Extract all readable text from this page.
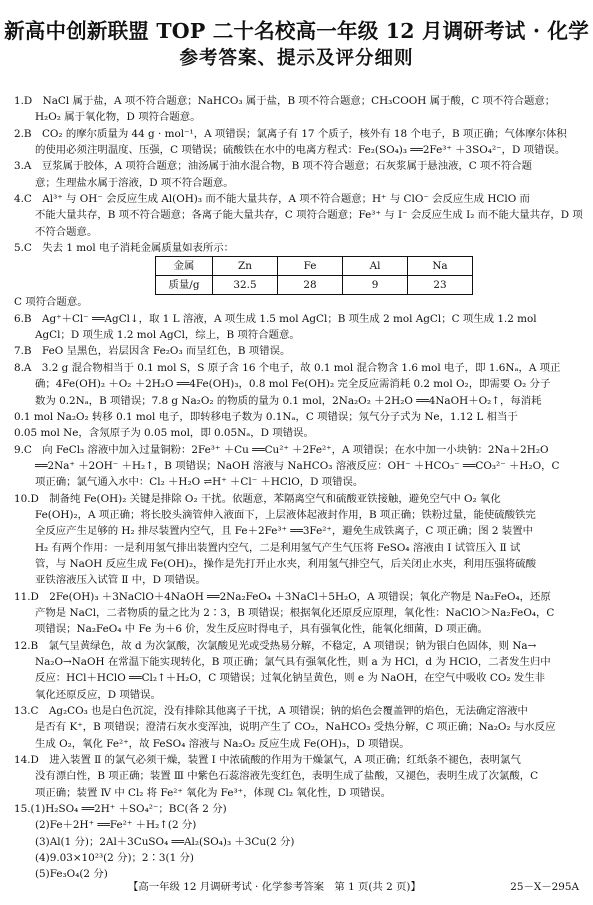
新高中创新联盟 TOP 二十名校高一年级 12 月调研考试 · 化学
参考答案、提示及评分细则
1.D　NaCl 属于盐，A 项不符合题意；NaHCO₃ 属于盐，B 项不符合题意；CH₃COOH 属于酸，C 项不符合题意；
H₂O₂ 属于氧化物，D 项符合题意。
2.B　CO₂ 的摩尔质量为 44 g · mol⁻¹，A 项错误；氯离子有 17 个质子，核外有 18 个电子，B 项正确；气体摩尔体积
的使用必须注明温度、压强，C 项错误；硫酸铁在水中的电离方程式：Fe₂(SO₄)₃ ══2Fe³⁺ ＋3SO₄²⁻，D 项错误。
3.A　豆浆属于胶体，A 项符合题意；油汤属于油水混合物，B 项不符合题意；石灰浆属于悬浊液，C 项不符合题
意；生理盐水属于溶液，D 项不符合题意。
4.C　Al³⁺ 与 OH⁻ 会反应生成 Al(OH)₃ 而不能大量共存，A 项不符合题意；H⁺ 与 ClO⁻ 会反应生成 HClO 而
不能大量共存，B 项不符合题意；各离子能大量共存，C 项符合题意；Fe³⁺ 与 I⁻ 会反应生成 I₂ 而不能大量共存，D 项
不符合题意。
5.C　失去 1 mol 电子消耗金属质量如表所示：
金属	Zn	Fe	Al	Na
质量/g	32.5	28	9	23
C 项符合题意。
6.B　Ag⁺＋Cl⁻ ══AgCl↓，取 1 L 溶液，A 项生成 1.5 mol AgCl；B 项生成 2 mol AgCl；C 项生成 1.2 mol
AgCl；D 项生成 1.2 mol AgCl，综上，B 项符合题意。
7.B　FeO 呈黑色，岩层因含 Fe₂O₃ 而呈红色，B 项错误。
8.A　3.2 g 混合物相当于 0.1 mol S，S 原子含 16 个电子，故 0.1 mol 混合物含 1.6 mol 电子，即 1.6Nₐ，A 项正
确；4Fe(OH)₂ ＋O₂ ＋2H₂O ══4Fe(OH)₃，0.8 mol Fe(OH)₂ 完全反应需消耗 0.2 mol O₂，即需要 O₂ 分子
数为 0.2Nₐ，B 项错误；7.8 g Na₂O₂ 的物质的量为 0.1 mol，2Na₂O₂ ＋2H₂O ══4NaOH＋O₂↑，每消耗
0.1 mol Na₂O₂ 转移 0.1 mol 电子，即转移电子数为 0.1Nₐ，C 项错误；氖气分子式为 Ne，1.12 L 相当于
0.05 mol Ne，含氖原子为 0.05 mol，即 0.05Nₐ，D 项错误。
9.C　向 FeCl₃ 溶液中加入过量铜粉：2Fe³⁺ ＋Cu ══Cu²⁺ ＋2Fe²⁺，A 项错误；在水中加一小块钠：2Na＋2H₂O
══2Na⁺ ＋2OH⁻ ＋H₂↑，B 项错误；NaOH 溶液与 NaHCO₃ 溶液反应：OH⁻ ＋HCO₃⁻ ══CO₃²⁻ ＋H₂O，C
项正确；氯气通入水中：Cl₂ ＋H₂O ⇌H⁺ ＋Cl⁻ ＋HClO，D 项错误。
10.D　制备纯 Fe(OH)₂ 关键是排除 O₂ 干扰。依题意，苯隔离空气和硫酸亚铁接触，避免空气中 O₂ 氧化
Fe(OH)₂，A 项正确；将长胶头滴管伸入液面下，上层液体起液封作用，B 项正确；铁粉过量，能使硫酸铁完
全反应产生足够的 H₂ 排尽装置内空气，且 Fe＋2Fe³⁺ ══3Fe²⁺，避免生成铁离子，C 项正确；图 2 装置中
H₂ 有两个作用：一是利用氢气排出装置内空气，二是利用氢气产生气压将 FeSO₄ 溶液由 Ⅰ 试管压入 Ⅱ 试
管，与 NaOH 反应生成 Fe(OH)₂，操作是先打开止水夹，利用氢气排空气，后关闭止水夹，利用压强将硫酸
亚铁溶液压入试管 Ⅱ 中，D 项错误。
11.D　2Fe(OH)₃ ＋3NaClO＋4NaOH ══2Na₂FeO₄ ＋3NaCl＋5H₂O，A 项错误；氧化产物是 Na₂FeO₄，还原
产物是 NaCl，二者物质的量之比为 2∶3，B 项错误；根据氧化还原反应原理，氧化性：NaClO＞Na₂FeO₄，C
项错误；Na₂FeO₄ 中 Fe 为＋6 价，发生反应时得电子，具有强氧化性，能氧化细菌，D 项正确。
12.B　氯气呈黄绿色，故 d 为次氯酸，次氯酸见光或受热易分解，不稳定，A 项错误；钠为银白色固体，则 Na→
Na₂O→NaOH 在常温下能实现转化，B 项正确；氯气具有强氧化性，则 a 为 HCl，d 为 HClO，二者发生归中
反应：HCl＋HClO ══Cl₂↑＋H₂O，C 项错误；过氧化钠呈黄色，则 e 为 NaOH，在空气中吸收 CO₂ 发生非
氧化还原反应，D 项错误。
13.C　Ag₂CO₃ 也是白色沉淀，没有排除其他离子干扰，A 项错误；钠的焰色会覆盖钾的焰色，无法确定溶液中
是否有 K⁺，B 项错误；澄清石灰水变浑浊，说明产生了 CO₂，NaHCO₃ 受热分解，C 项正确；Na₂O₂ 与水反应
生成 O₂，氧化 Fe²⁺，故 FeSO₄ 溶液与 Na₂O₂ 反应生成 Fe(OH)₃，D 项错误。
14.D　进入装置 Ⅱ 的氯气必须干燥，装置 Ⅰ 中浓硫酸的作用为干燥氯气，A 项正确；红纸条不褪色，表明氯气
没有漂白性，B 项正确；装置 Ⅲ 中紫色石蕊溶液先变红色，表明生成了盐酸，又褪色，表明生成了次氯酸，C
项正确；装置 Ⅳ 中 Cl₂ 将 Fe²⁺ 氧化为 Fe³⁺，体现 Cl₂ 氧化性，D 项错误。
15.(1)H₂SO₄ ══2H⁺ ＋SO₄²⁻；BC(各 2 分)
(2)Fe＋2H⁺ ══Fe²⁺ ＋H₂↑(2 分)
(3)Al(1 分)；2Al＋3CuSO₄ ══Al₂(SO₄)₃ ＋3Cu(2 分)
(4)9.03×10²³(2 分)；2∶3(1 分)
(5)Fe₃O₄(2 分)
【高一年级 12 月调研考试 · 化学参考答案　第 1 页(共 2 页)】	25－X－295A
